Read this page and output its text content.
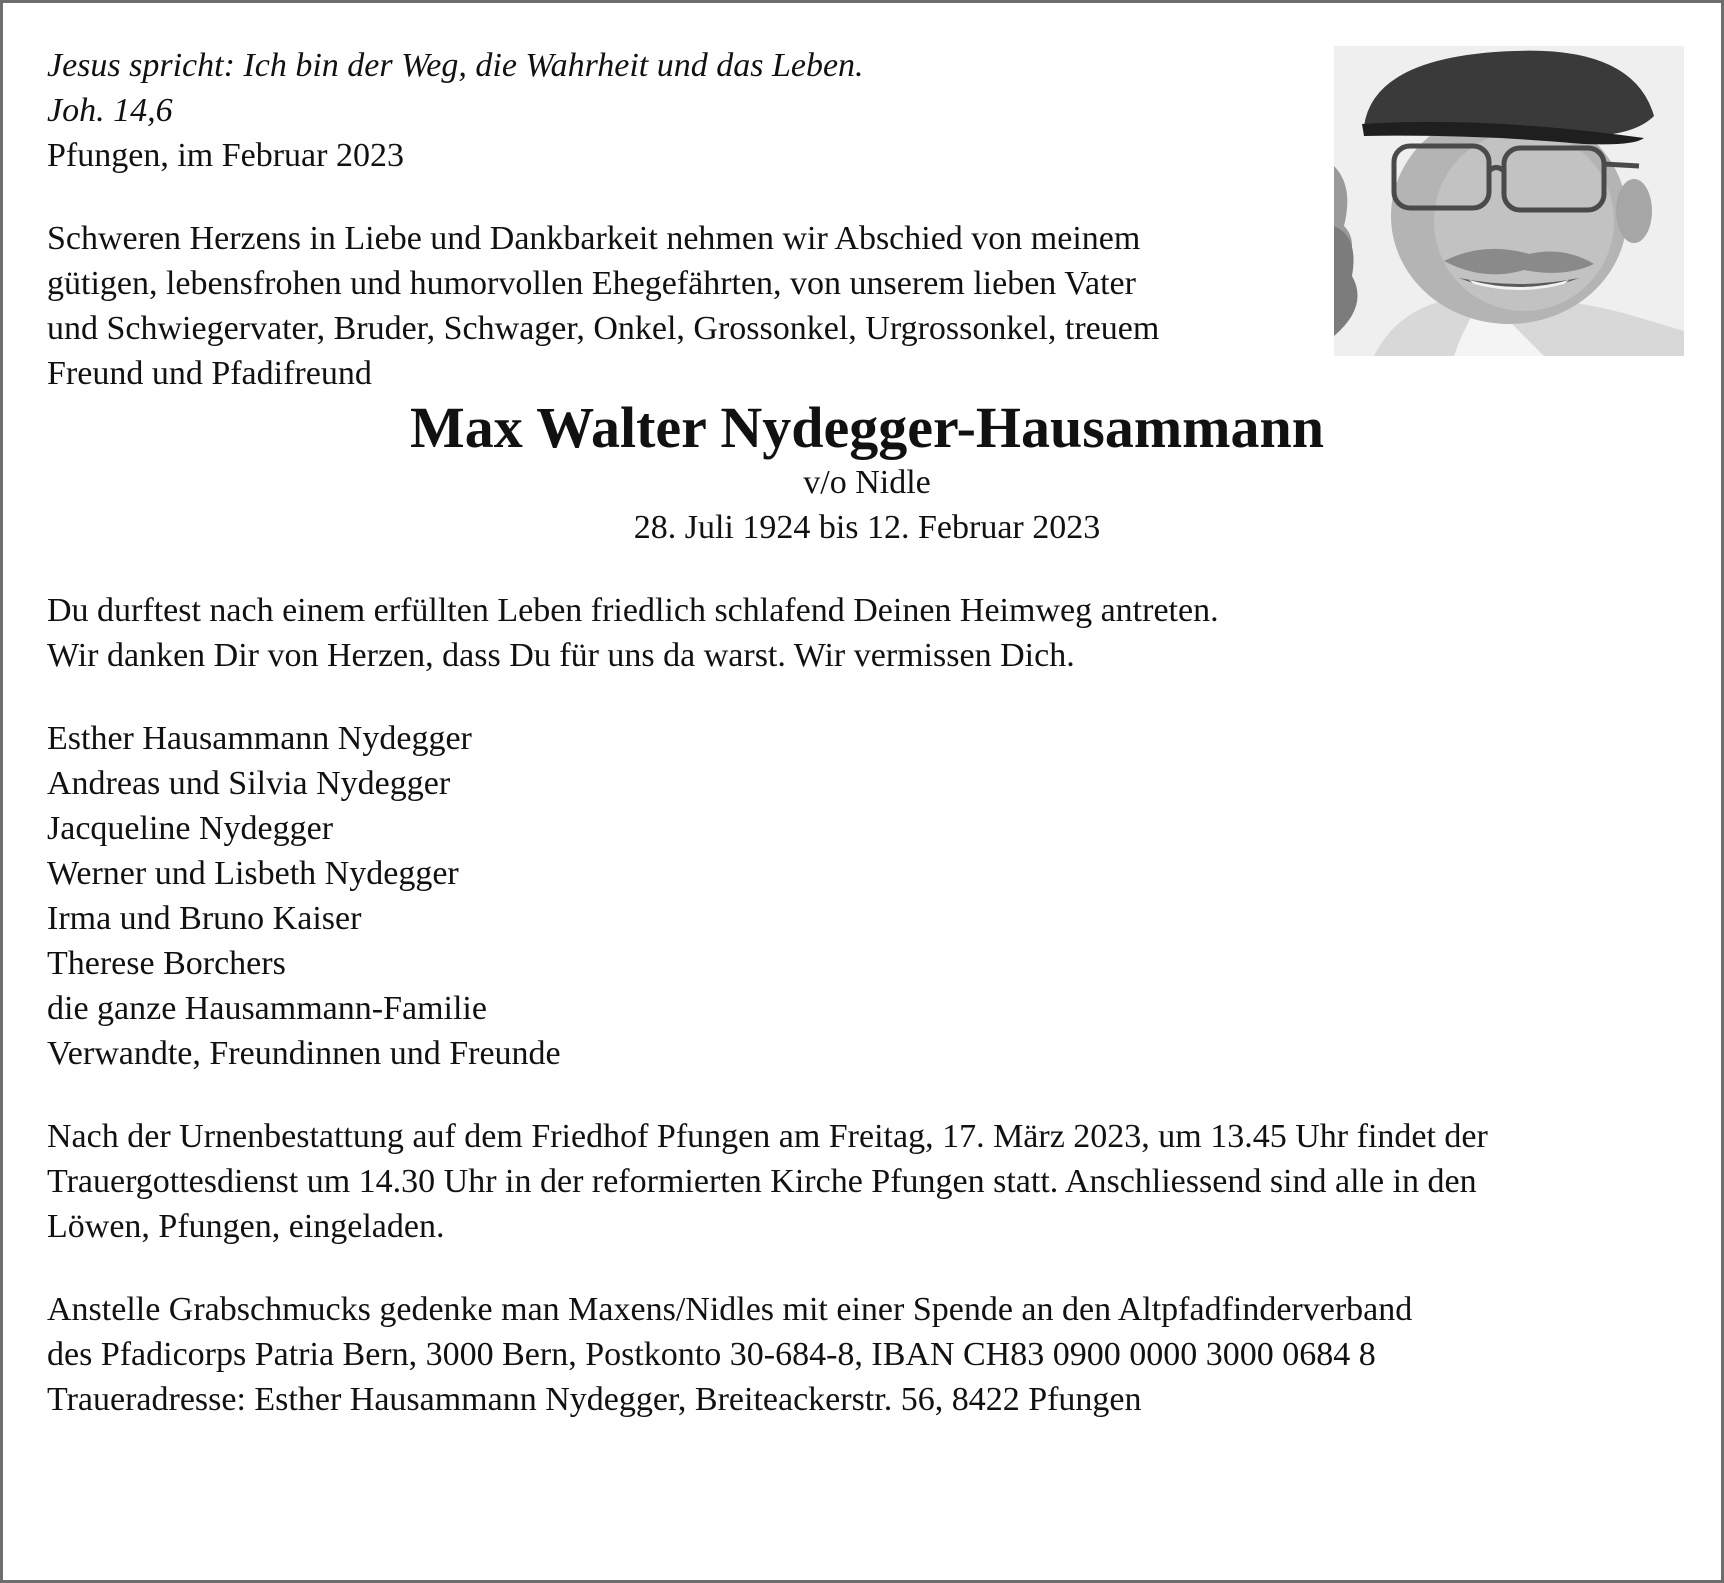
Jesus spricht: Ich bin der Weg, die Wahrheit und das Leben.

Joh. 14,6

Pfungen, im Februar 2023

Schweren Herzens in Liebe und Dankbarkeit nehmen wir Abschied von meinem

gütigen, lebensfrohen und humorvollen Ehegefährten, von unserem lieben Vater

und Schwiegervater, Bruder, Schwager, Onkel, Grossonkel, Urgrossonkel, treuem

Freund und Pfadifreund

Max Walter Nydegger-Hausammann

v/o Nidle

28. Juli 1924 bis 12. Februar 2023

Du durftest nach einem erfüllten Leben friedlich schlafend Deinen Heimweg antreten.

Wir danken Dir von Herzen, dass Du für uns da warst. Wir vermissen Dich.

Esther Hausammann Nydegger
Andreas und Silvia Nydegger
Jacqueline Nydegger
Werner und Lisbeth Nydegger
Irma und Bruno Kaiser
Therese Borchers
die ganze Hausammann-Familie
Verwandte, Freundinnen und Freunde

Nach der Urnenbestattung auf dem Friedhof Pfungen am Freitag, 17. März 2023, um 13.45 Uhr findet der

Trauergottesdienst um 14.30 Uhr in der reformierten Kirche Pfungen statt. Anschliessend sind alle in den

Löwen, Pfungen, eingeladen.

Anstelle Grabschmucks gedenke man Maxens/Nidles mit einer Spende an den Altpfadfinderverband

des Pfadicorps Patria Bern, 3000 Bern, Postkonto 30-684-8, IBAN CH83 0900 0000 3000 0684 8

Traueradresse: Esther Hausammann Nydegger, Breiteackerstr. 56, 8422 Pfungen
